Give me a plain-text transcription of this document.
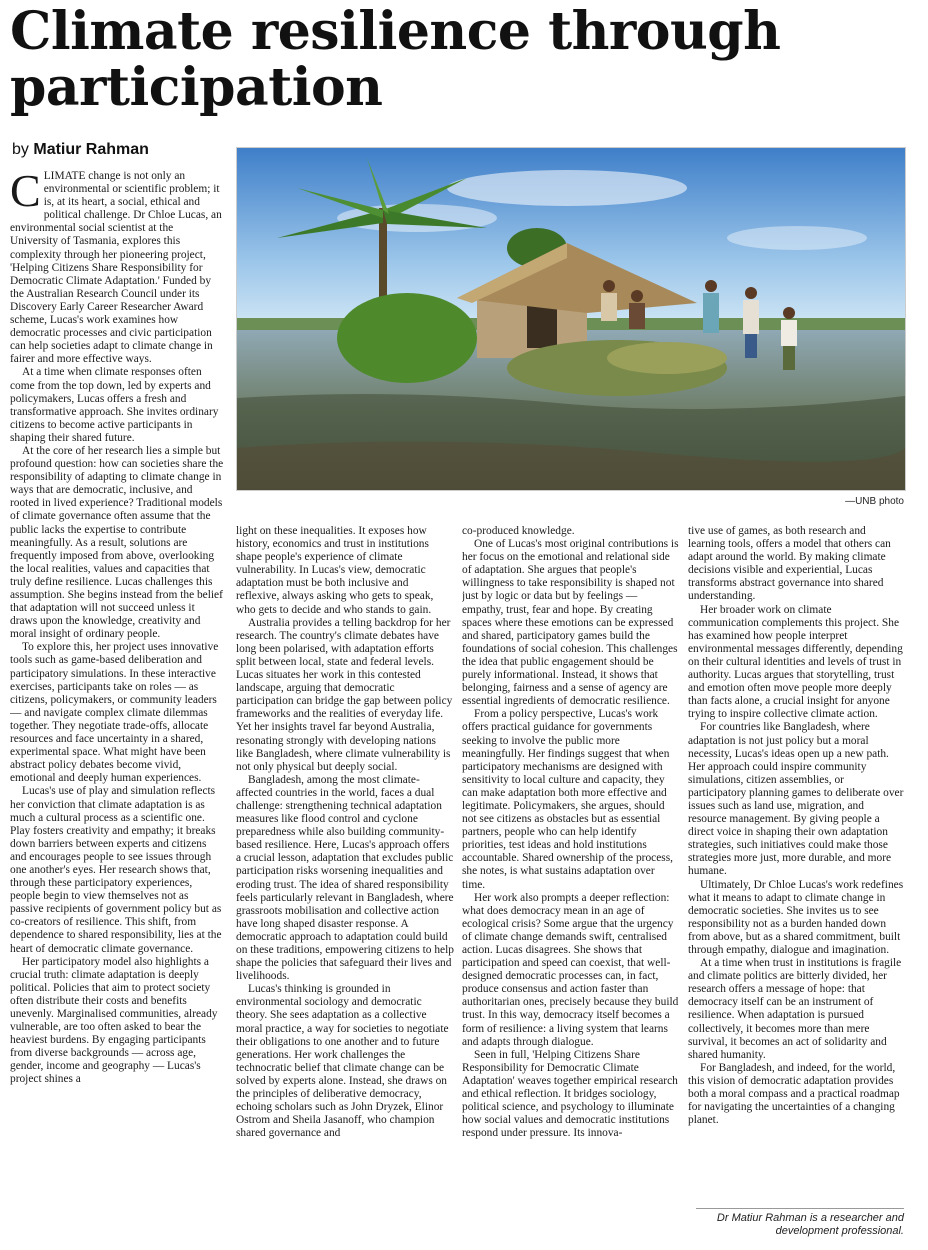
Climate resilience through participation
by Matiur Rahman
—UNB photo

CLIMATE change is not only an environmental or scientific problem; it is, at its heart, a social, ethical and political challenge. Dr Chloe Lucas, an environmental social scientist at the University of Tasmania, explores this complexity through her pioneering project, 'Helping Citizens Share Responsibility for Democratic Climate Adaptation.' Funded by the Australian Research Council under its Discovery Early Career Researcher Award scheme, Lucas's work examines how democratic processes and civic participation can help societies adapt to climate change in fairer and more effective ways.

At a time when climate responses often come from the top down, led by experts and policymakers, Lucas offers a fresh and transformative approach. She invites ordinary citizens to become active participants in shaping their shared future.

At the core of her research lies a simple but profound question: how can societies share the responsibility of adapting to climate change in ways that are democratic, inclusive, and rooted in lived experience? Traditional models of climate governance often assume that the public lacks the expertise to contribute meaningfully. As a result, solutions are frequently imposed from above, overlooking the local realities, values and capacities that truly define resilience. Lucas challenges this assumption. She begins instead from the belief that adaptation will not succeed unless it draws upon the knowledge, creativity and moral insight of ordinary people.

To explore this, her project uses innovative tools such as game-based deliberation and participatory simulations. In these interactive exercises, participants take on roles — as citizens, policymakers, or community leaders — and navigate complex climate dilemmas together. They negotiate trade-offs, allocate resources and face uncertainty in a shared, experimental space. What might have been abstract policy debates become vivid, emotional and deeply human experiences.

Lucas's use of play and simulation reflects her conviction that climate adaptation is as much a cultural process as a scientific one. Play fosters creativity and empathy; it breaks down barriers between experts and citizens and encourages people to see issues through one another's eyes. Her research shows that, through these participatory experiences, people begin to view themselves not as passive recipients of government policy but as co-creators of resilience. This shift, from dependence to shared responsibility, lies at the heart of democratic climate governance.

Her participatory model also highlights a crucial truth: climate adaptation is deeply political. Policies that aim to protect society often distribute their costs and benefits unevenly. Marginalised communities, already vulnerable, are too often asked to bear the heaviest burdens. By engaging participants from diverse backgrounds — across age, gender, income and geography — Lucas's project shines a

light on these inequalities. It exposes how history, economics and trust in institutions shape people's experience of climate vulnerability. In Lucas's view, democratic adaptation must be both inclusive and reflexive, always asking who gets to speak, who gets to decide and who stands to gain.

Australia provides a telling backdrop for her research. The country's climate debates have long been polarised, with adaptation efforts split between local, state and federal levels. Lucas situates her work in this contested landscape, arguing that democratic participation can bridge the gap between policy frameworks and the realities of everyday life. Yet her insights travel far beyond Australia, resonating strongly with developing nations like Bangladesh, where climate vulnerability is not only physical but deeply social.

Bangladesh, among the most climate-affected countries in the world, faces a dual challenge: strengthening technical adaptation measures like flood control and cyclone preparedness while also building community-based resilience. Here, Lucas's approach offers a crucial lesson, adaptation that excludes public participation risks worsening inequalities and eroding trust. The idea of shared responsibility feels particularly relevant in Bangladesh, where grassroots mobilisation and collective action have long shaped disaster response. A democratic approach to adaptation could build on these traditions, empowering citizens to help shape the policies that safeguard their lives and livelihoods.

Lucas's thinking is grounded in environmental sociology and democratic theory. She sees adaptation as a collective moral practice, a way for societies to negotiate their obligations to one another and to future generations. Her work challenges the technocratic belief that climate change can be solved by experts alone. Instead, she draws on the principles of deliberative democracy, echoing scholars such as John Dryzek, Elinor Ostrom and Sheila Jasanoff, who champion shared governance and

co-produced knowledge.

One of Lucas's most original contributions is her focus on the emotional and relational side of adaptation. She argues that people's willingness to take responsibility is shaped not just by logic or data but by feelings — empathy, trust, fear and hope. By creating spaces where these emotions can be expressed and shared, participatory games build the foundations of social cohesion. This challenges the idea that public engagement should be purely informational. Instead, it shows that belonging, fairness and a sense of agency are essential ingredients of democratic resilience.

From a policy perspective, Lucas's work offers practical guidance for governments seeking to involve the public more meaningfully. Her findings suggest that when participatory mechanisms are designed with sensitivity to local culture and capacity, they can make adaptation both more effective and legitimate. Policymakers, she argues, should not see citizens as obstacles but as essential partners, people who can help identify priorities, test ideas and hold institutions accountable. Shared ownership of the process, she notes, is what sustains adaptation over time.

Her work also prompts a deeper reflection: what does democracy mean in an age of ecological crisis? Some argue that the urgency of climate change demands swift, centralised action. Lucas disagrees. She shows that participation and speed can coexist, that well-designed democratic processes can, in fact, produce consensus and action faster than authoritarian ones, precisely because they build trust. In this way, democracy itself becomes a form of resilience: a living system that learns and adapts through dialogue.

Seen in full, 'Helping Citizens Share Responsibility for Democratic Climate Adaptation' weaves together empirical research and ethical reflection. It bridges sociology, political science, and psychology to illuminate how social values and democratic institutions respond under pressure. Its innova-

tive use of games, as both research and learning tools, offers a model that others can adapt around the world. By making climate decisions visible and experiential, Lucas transforms abstract governance into shared understanding.

Her broader work on climate communication complements this project. She has examined how people interpret environmental messages differently, depending on their cultural identities and levels of trust in authority. Lucas argues that storytelling, trust and emotion often move people more deeply than facts alone, a crucial insight for anyone trying to inspire collective climate action.

For countries like Bangladesh, where adaptation is not just policy but a moral necessity, Lucas's ideas open up a new path. Her approach could inspire community simulations, citizen assemblies, or participatory planning games to deliberate over issues such as land use, migration, and resource management. By giving people a direct voice in shaping their own adaptation strategies, such initiatives could make those strategies more just, more durable, and more humane.

Ultimately, Dr Chloe Lucas's work redefines what it means to adapt to climate change in democratic societies. She invites us to see responsibility not as a burden handed down from above, but as a shared commitment, built through empathy, dialogue and imagination.

At a time when trust in institutions is fragile and climate politics are bitterly divided, her research offers a message of hope: that democracy itself can be an instrument of resilience. When adaptation is pursued collectively, it becomes more than mere survival, it becomes an act of solidarity and shared humanity.

For Bangladesh, and indeed, for the world, this vision of democratic adaptation provides both a moral compass and a practical roadmap for navigating the uncertainties of a changing planet.

Dr Matiur Rahman is a researcher and development professional.
